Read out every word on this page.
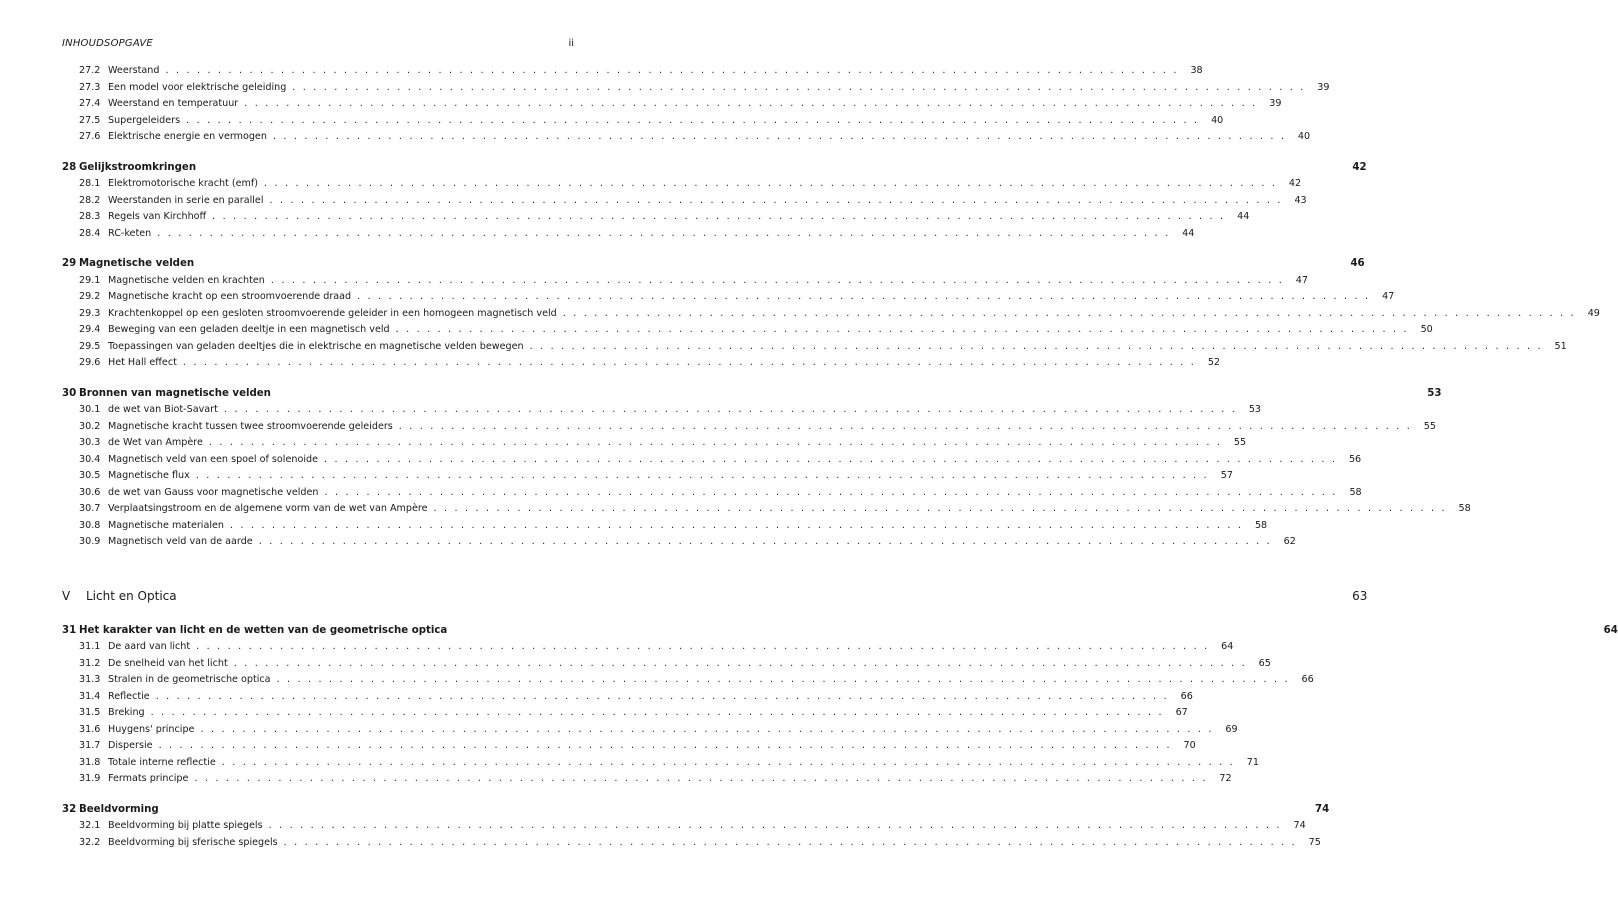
INHOUDSOPGAVE	ii
27.2 Weerstand . . .	38
27.3 Een model voor elektrische geleiding . . .	39
27.4 Weerstand en temperatuur . . .	39
27.5 Supergeleiders . . .	40
27.6 Elektrische energie en vermogen . . .	40
28 Gelijkstroomkringen	42
28.1 Elektromotorische kracht (emf) . . .	42
28.2 Weerstanden in serie en parallel . . .	43
28.3 Regels van Kirchhoff . . .	44
28.4 RC-keten . . .	44
29 Magnetische velden	46
29.1 Magnetische velden en krachten . . .	47
29.2 Magnetische kracht op een stroomvoerende draad . . .	47
29.3 Krachtenkoppel op een gesloten stroomvoerende geleider in een homogeen magnetisch veld . . .	49
29.4 Beweging van een geladen deeltje in een magnetisch veld . . .	50
29.5 Toepassingen van geladen deeltjes die in elektrische en magnetische velden bewegen . . .	51
29.6 Het Hall effect . . .	52
30 Bronnen van magnetische velden	53
30.1 de wet van Biot-Savart . . .	53
30.2 Magnetische kracht tussen twee stroomvoerende geleiders . . .	55
30.3 de Wet van Ampère . . .	55
30.4 Magnetisch veld van een spoel of solenoide . . .	56
30.5 Magnetische flux . . .	57
30.6 de wet van Gauss voor magnetische velden . . .	58
30.7 Verplaatsingstroom en de algemene vorm van de wet van Ampère . . .	58
30.8 Magnetische materialen . . .	58
30.9 Magnetisch veld van de aarde . . .	62
V	Licht en Optica	63
31 Het karakter van licht en de wetten van de geometrische optica	64
31.1 De aard van licht . . .	64
31.2 De snelheid van het licht . . .	65
31.3 Stralen in de geometrische optica . . .	66
31.4 Reflectie . . .	66
31.5 Breking . . .	67
31.6 Huygens' principe . . .	69
31.7 Dispersie . . .	70
31.8 Totale interne reflectie . . .	71
31.9 Fermats principe . . .	72
32 Beeldvorming	74
32.1 Beeldvorming bij platte spiegels . . .	74
32.2 Beeldvorming bij sferische spiegels . . .	75
